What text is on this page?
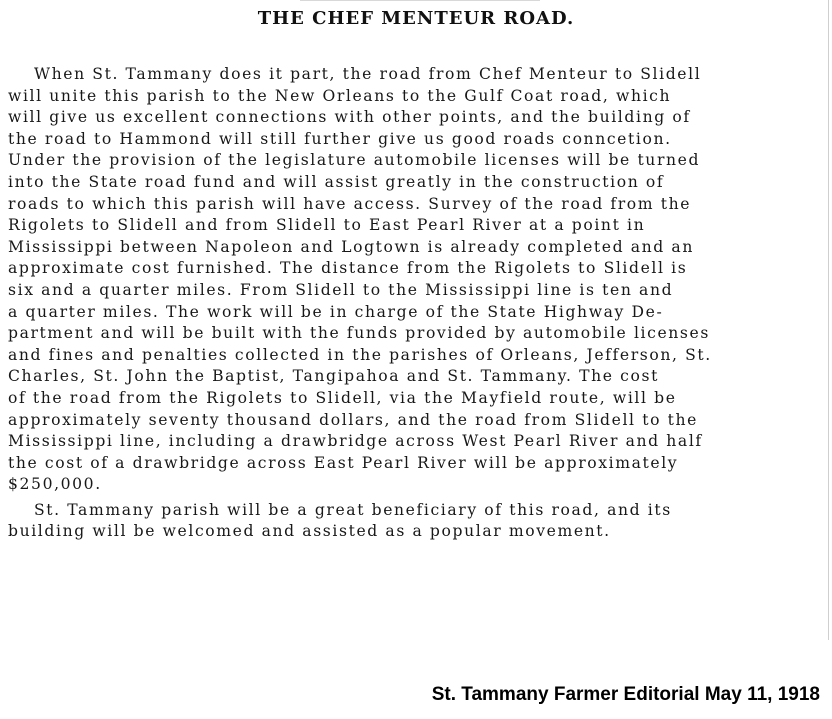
THE CHEF MENTEUR ROAD.

When St. Tammany does it part, the road from Chef Menteur to Slidell
will unite this parish to the New Orleans to the Gulf Coat road, which
will give us excellent connections with other points, and the building of
the road to Hammond will still further give us good roads conncetion.
Under the provision of the legislature automobile licenses will be turned
into the State road fund and will assist greatly in the construction of
roads to which this parish will have access. Survey of the road from the
Rigolets to Slidell and from Slidell to East Pearl River at a point in
Mississippi between Napoleon and Logtown is already completed and an
approximate cost furnished. The distance from the Rigolets to Slidell is
six and a quarter miles. From Slidell to the Mississippi line is ten and
a quarter miles. The work will be in charge of the State Highway De-
partment and will be built with the funds provided by automobile licenses
and fines and penalties collected in the parishes of Orleans, Jefferson, St.
Charles, St. John the Baptist, Tangipahoa and St. Tammany. The cost
of the road from the Rigolets to Slidell, via the Mayfield route, will be
approximately seventy thousand dollars, and the road from Slidell to the
Mississippi line, including a drawbridge across West Pearl River and half
the cost of a drawbridge across East Pearl River will be approximately
$250,000.

St. Tammany parish will be a great beneficiary of this road, and its
building will be welcomed and assisted as a popular movement.

St. Tammany Farmer Editorial May 11, 1918
